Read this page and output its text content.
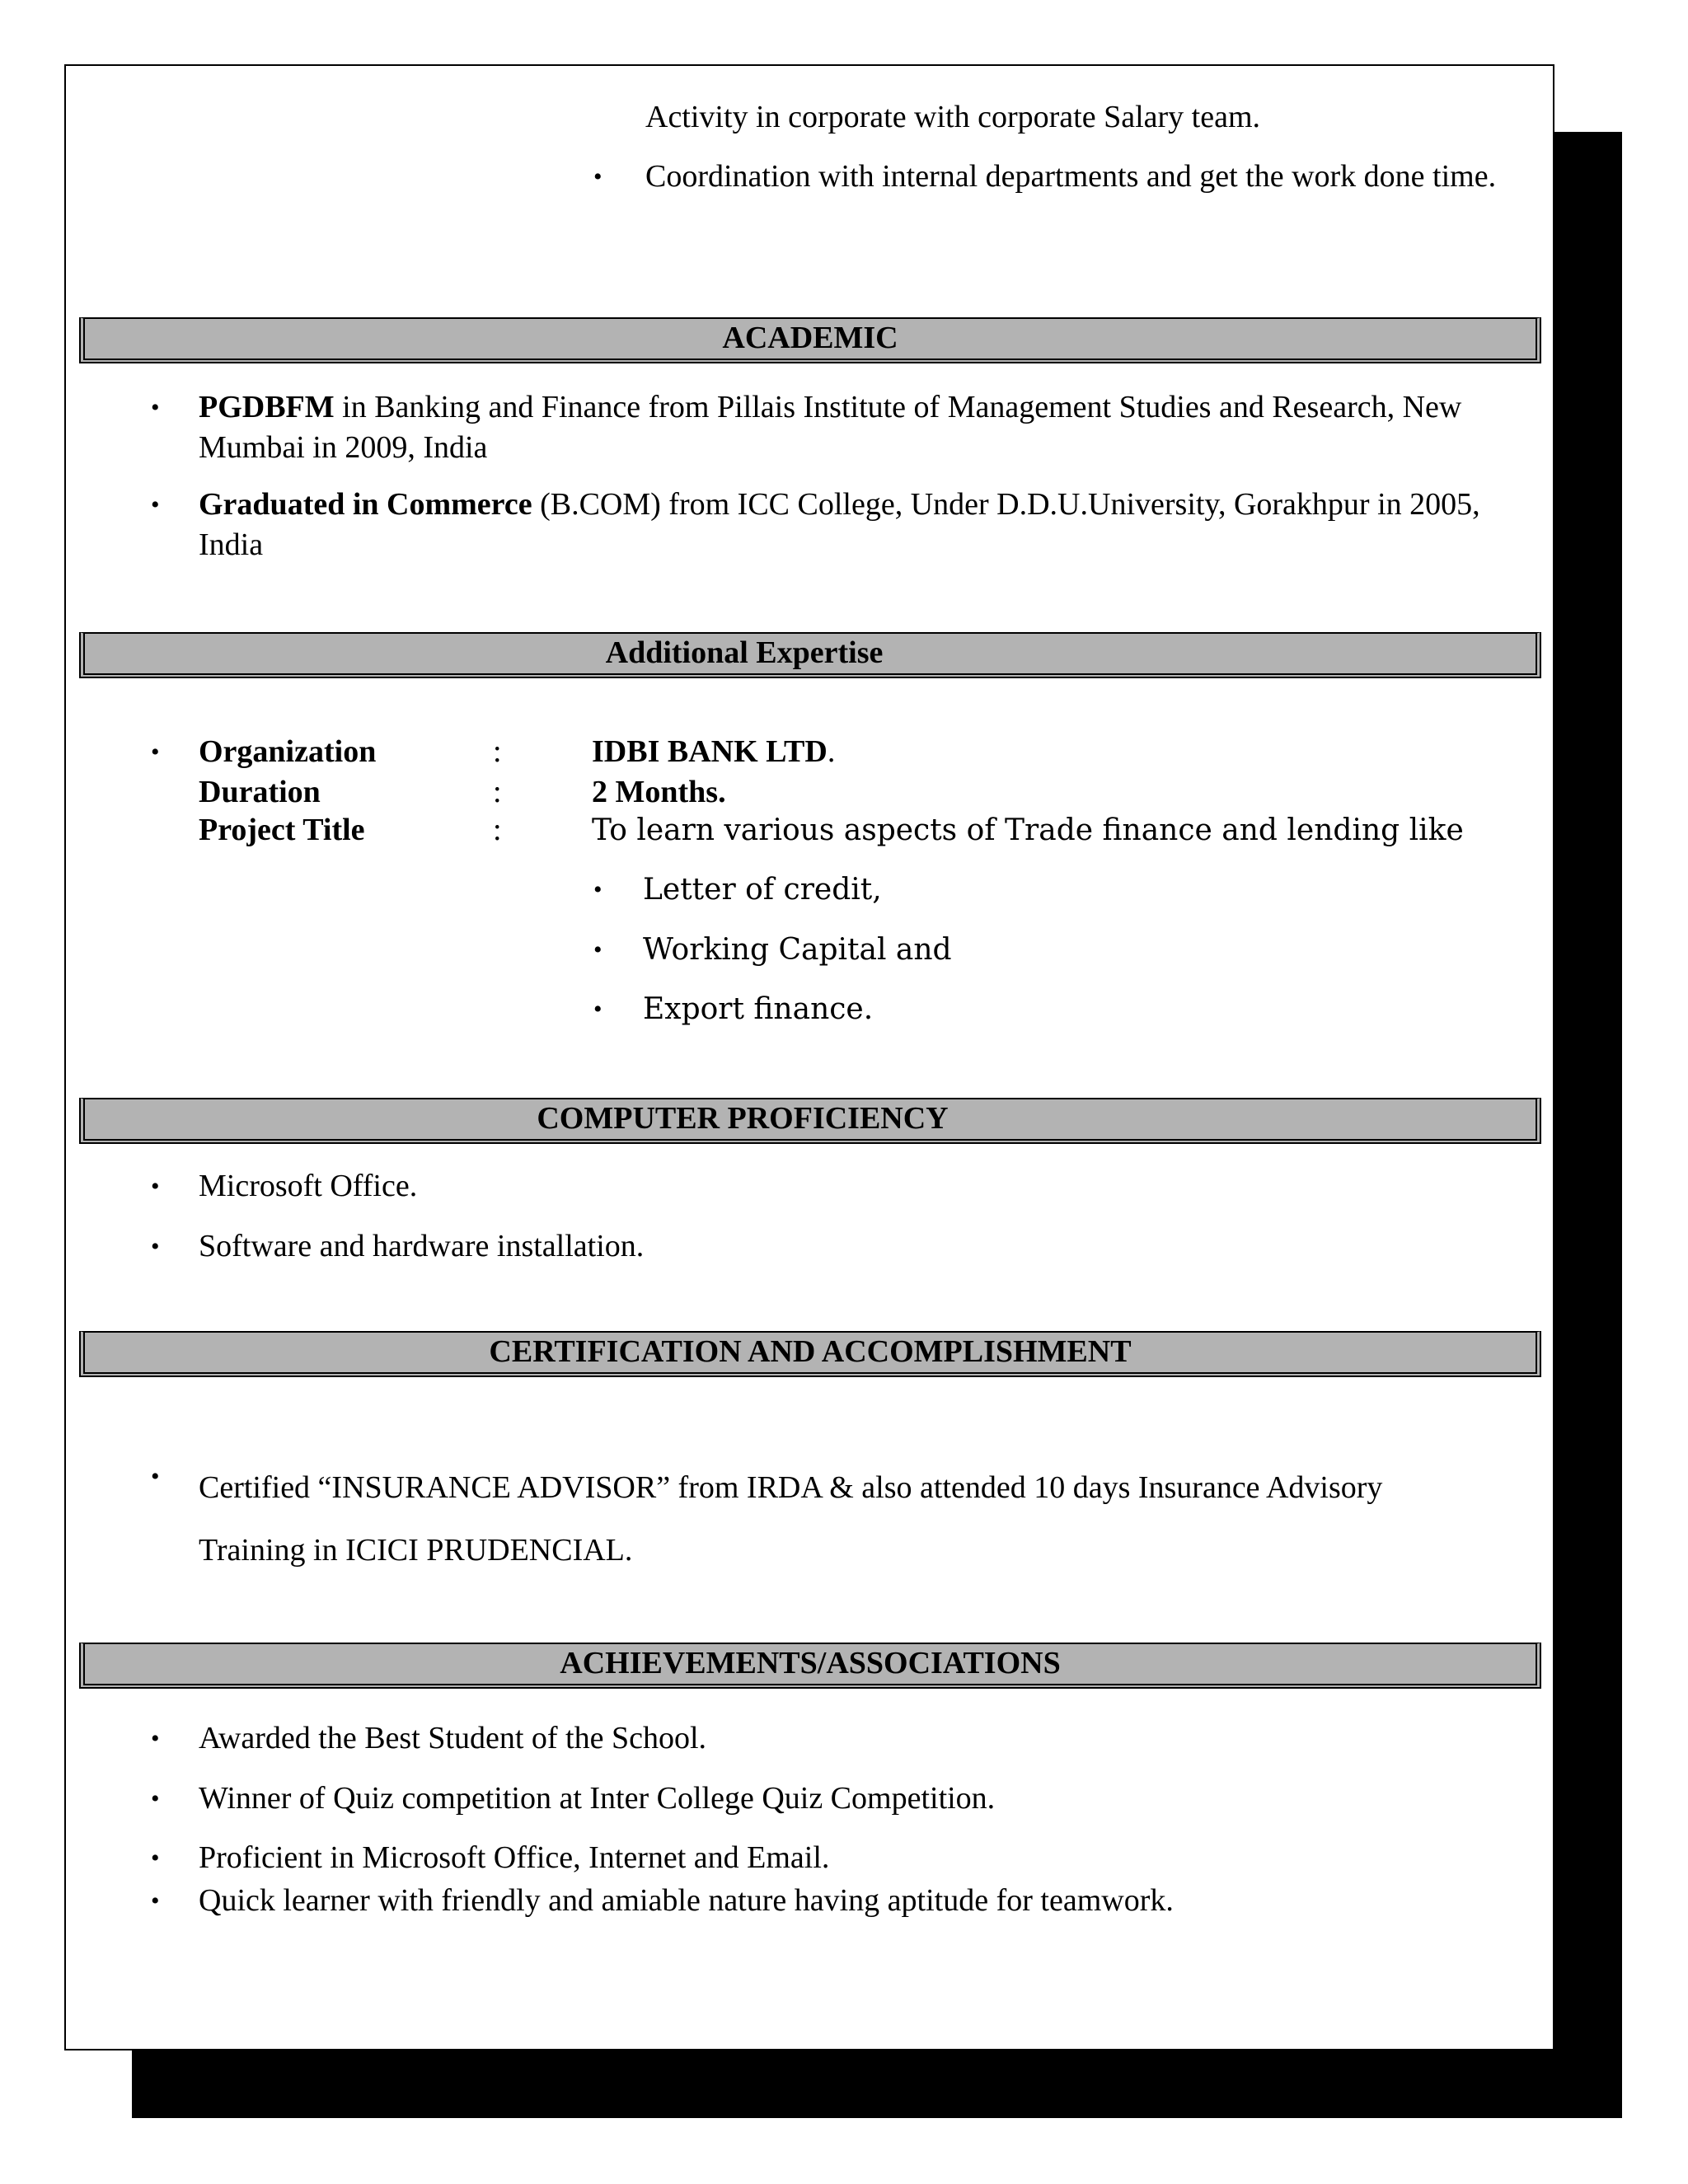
Activity in corporate with corporate Salary team.
• Coordination with internal departments and get the work done time.
ACADEMIC
• PGDBFM in Banking and Finance from Pillais Institute of Management Studies and Research, New Mumbai in 2009, India
• Graduated in Commerce (B.COM) from ICC College, Under D.D.U.University, Gorakhpur in 2005, India
Additional Expertise
• Organization	:	IDBI BANK LTD.
Duration	:	2 Months.
Project Title	:	To learn various aspects of Trade finance and lending like
• Letter of credit,
• Working Capital and
• Export finance.
COMPUTER PROFICIENCY
• Microsoft Office.
• Software and hardware installation.
CERTIFICATION AND ACCOMPLISHMENT
• Certified “INSURANCE ADVISOR” from IRDA & also attended 10 days Insurance Advisory Training in ICICI PRUDENCIAL.
ACHIEVEMENTS/ASSOCIATIONS
• Awarded the Best Student of the School.
• Winner of Quiz competition at Inter College Quiz Competition.
• Proficient in Microsoft Office, Internet and Email.
• Quick learner with friendly and amiable nature having aptitude for teamwork.
